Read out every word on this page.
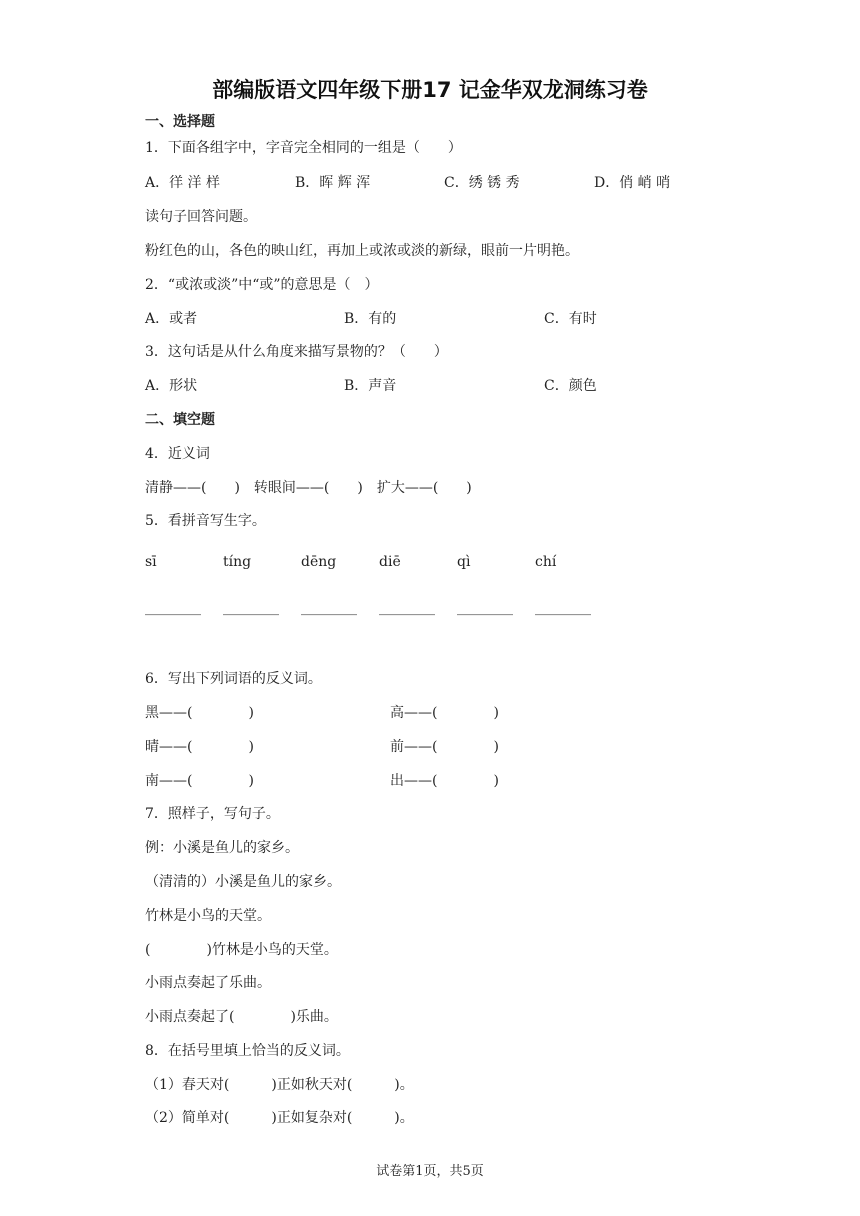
部编版语文四年级下册17 记金华双龙洞练习卷
一、选择题
1．下面各组字中，字音完全相同的一组是（　　）
A．徉 洋 样	B．晖 辉 浑	C．绣 锈 秀	D．俏 峭 哨
读句子回答问题。
粉红色的山，各色的映山红，再加上或浓或淡的新绿，眼前一片明艳。
2．“或浓或淡”中“或”的意思是（　）
A．或者	B．有的	C．有时
3．这句话是从什么角度来描写景物的？（　　）
A．形状	B．声音	C．颜色
二、填空题
4．近义词
清静——(　　)　转眼间——(　　)　扩大——(　　)
5．看拼音写生字。
sī	tíng	dēng	diē	qì	chí
________ ________ ________ ________ ________ ________
6．写出下列词语的反义词。
黑——(　　　　)	高——(　　　　)
晴——(　　　　)	前——(　　　　)
南——(　　　　)	出——(　　　　)
7．照样子，写句子。
例：小溪是鱼儿的家乡。
（清清的）小溪是鱼儿的家乡。
竹林是小鸟的天堂。
(　　　　)竹林是小鸟的天堂。
小雨点奏起了乐曲。
小雨点奏起了(　　　　)乐曲。
8．在括号里填上恰当的反义词。
（1）春天对(　　　)正如秋天对(　　　)。
（2）简单对(　　　)正如复杂对(　　　)。
试卷第1页，共5页
